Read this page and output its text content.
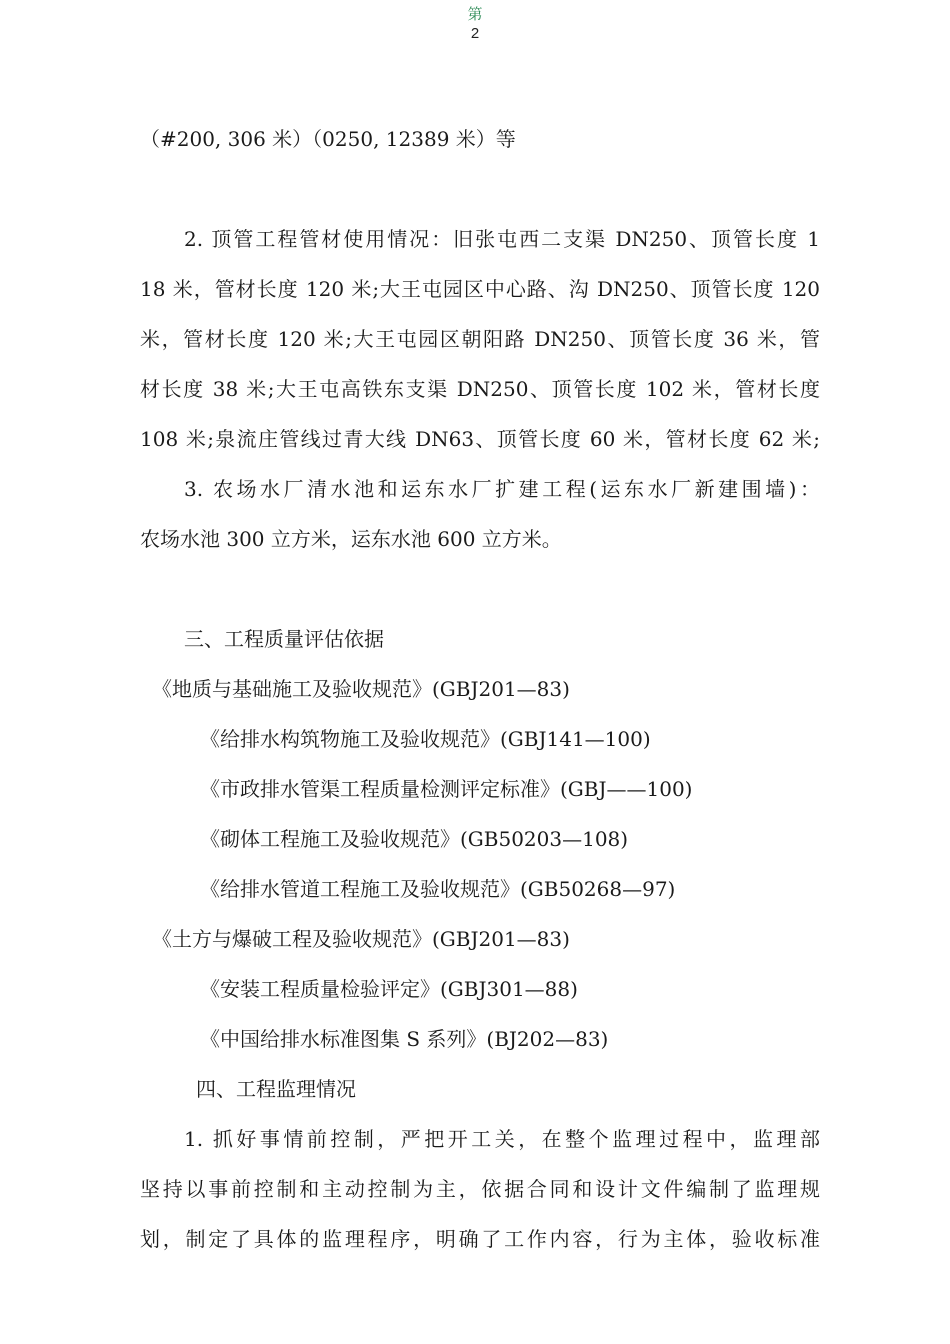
第
2
（#200, 306 米）（0250, 12389 米）等
2. 顶管工程管材使用情况：旧张屯西二支渠 DN250、顶管长度 1
18 米，管材长度 120 米;大王屯园区中心路、沟 DN250、顶管长度 120
米，管材长度 120 米;大王屯园区朝阳路 DN250、顶管长度 36 米，管
材长度 38 米;大王屯高铁东支渠 DN250、顶管长度 102 米，管材长度
108 米;泉流庄管线过青大线 DN63、顶管长度 60 米，管材长度 62 米;
3. 农场水厂清水池和运东水厂扩建工程(运东水厂新建围墙)：
农场水池 300 立方米，运东水池 600 立方米。
三、工程质量评估依据
《地质与基础施工及验收规范》(GBJ201—83)
《给排水构筑物施工及验收规范》(GBJ141—100)
《市政排水管渠工程质量检测评定标准》(GBJ——100)
《砌体工程施工及验收规范》(GB50203—108)
《给排水管道工程施工及验收规范》(GB50268—97)
《土方与爆破工程及验收规范》(GBJ201—83)
《安装工程质量检验评定》(GBJ301—88)
《中国给排水标准图集 S 系列》(BJ202—83)
四、工程监理情况
1. 抓好事情前控制，严把开工关，在整个监理过程中，监理部
坚持以事前控制和主动控制为主，依据合同和设计文件编制了监理规
划，制定了具体的监理程序，明确了工作内容，行为主体，验收标准
